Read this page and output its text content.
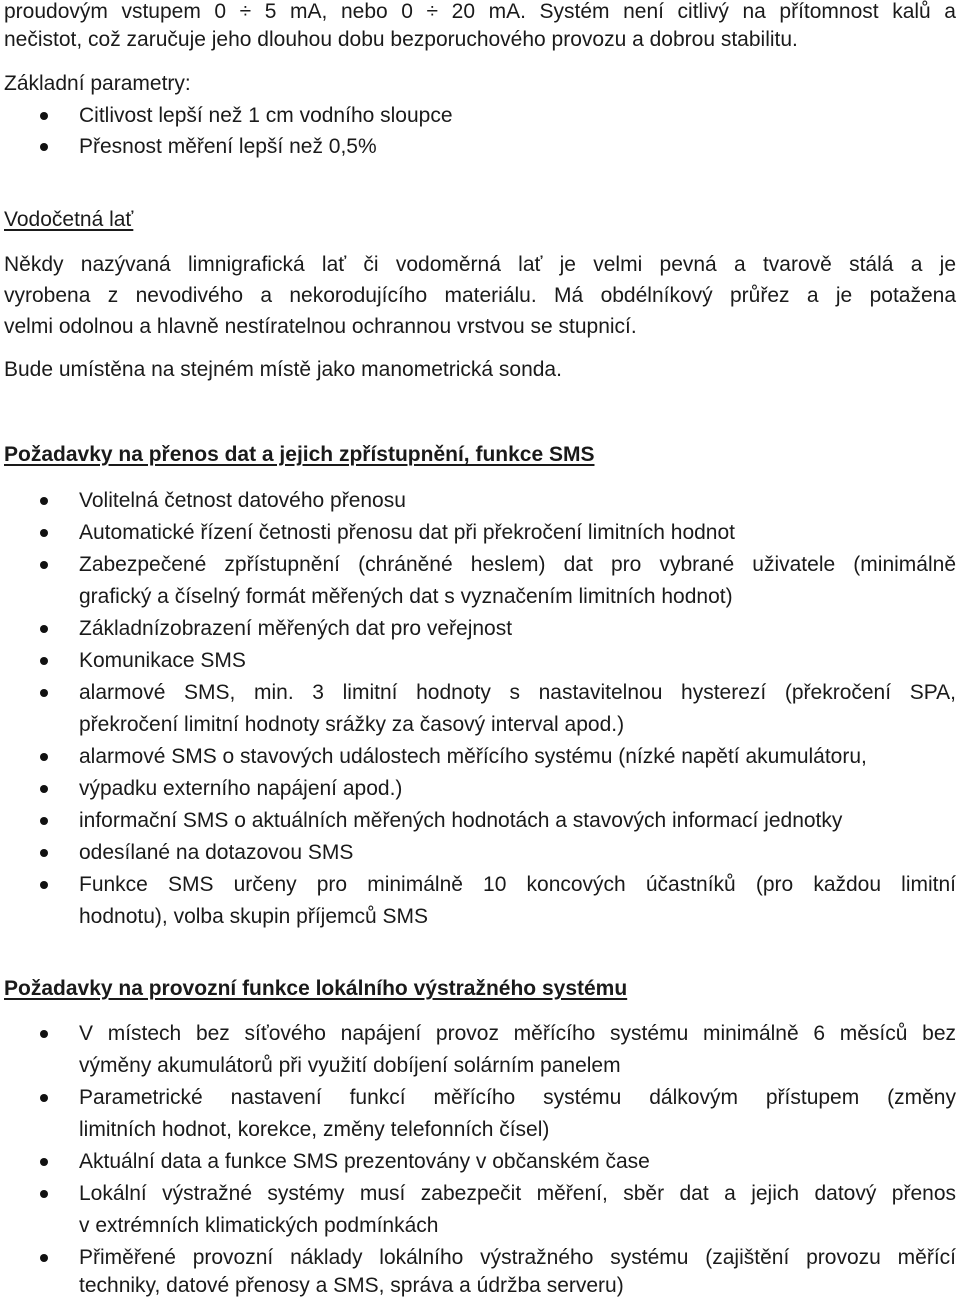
proudovým vstupem 0 ÷ 5 mA, nebo 0 ÷ 20 mA. Systém není citlivý na přítomnost kalů a
nečistot, což zaručuje jeho dlouhou dobu bezporuchového provozu a dobrou stabilitu.
Základní parametry:
Citlivost lepší než 1 cm vodního sloupce
Přesnost měření lepší než 0,5%
Vodočetná lať
Někdy nazývaná limnigrafická lať či vodoměrná lať je velmi pevná a tvarově stálá a je
vyrobena z nevodivého a nekorodujícího materiálu. Má obdélníkový průřez a je potažena
velmi odolnou a hlavně nestíratelnou ochrannou vrstvou se stupnicí.
Bude umístěna na stejném místě jako manometrická sonda.
Požadavky na přenos dat a jejich zpřístupnění, funkce SMS
Volitelná četnost datového přenosu
Automatické řízení četnosti přenosu dat při překročení limitních hodnot
Zabezpečené zpřístupnění (chráněné heslem) dat pro vybrané uživatele (minimálně
grafický a číselný formát měřených dat s vyznačením limitních hodnot)
Základnízobrazení měřených dat pro veřejnost
Komunikace SMS
alarmové SMS, min. 3 limitní hodnoty s nastavitelnou hysterezí (překročení SPA,
překročení limitní hodnoty srážky za časový interval apod.)
alarmové SMS o stavových událostech měřícího systému (nízké napětí akumulátoru,
výpadku externího napájení apod.)
informační SMS o aktuálních měřených hodnotách a stavových informací jednotky
odesílané na dotazovou SMS
Funkce SMS určeny pro minimálně 10 koncových účastníků (pro každou limitní
hodnotu), volba skupin příjemců SMS
Požadavky na provozní funkce lokálního výstražného systému
V místech bez síťového napájení provoz měřícího systému minimálně 6 měsíců bez
výměny akumulátorů při využití dobíjení solárním panelem
Parametrické nastavení funkcí měřícího systému dálkovým přístupem (změny
limitních hodnot, korekce, změny telefonních čísel)
Aktuální data a funkce SMS prezentovány v občanském čase
Lokální výstražné systémy musí zabezpečit měření, sběr dat a jejich datový přenos
v extrémních klimatických podmínkách
Přiměřené provozní náklady lokálního výstražného systému (zajištění provozu měřící
techniky, datové přenosy a SMS, správa a údržba serveru)
